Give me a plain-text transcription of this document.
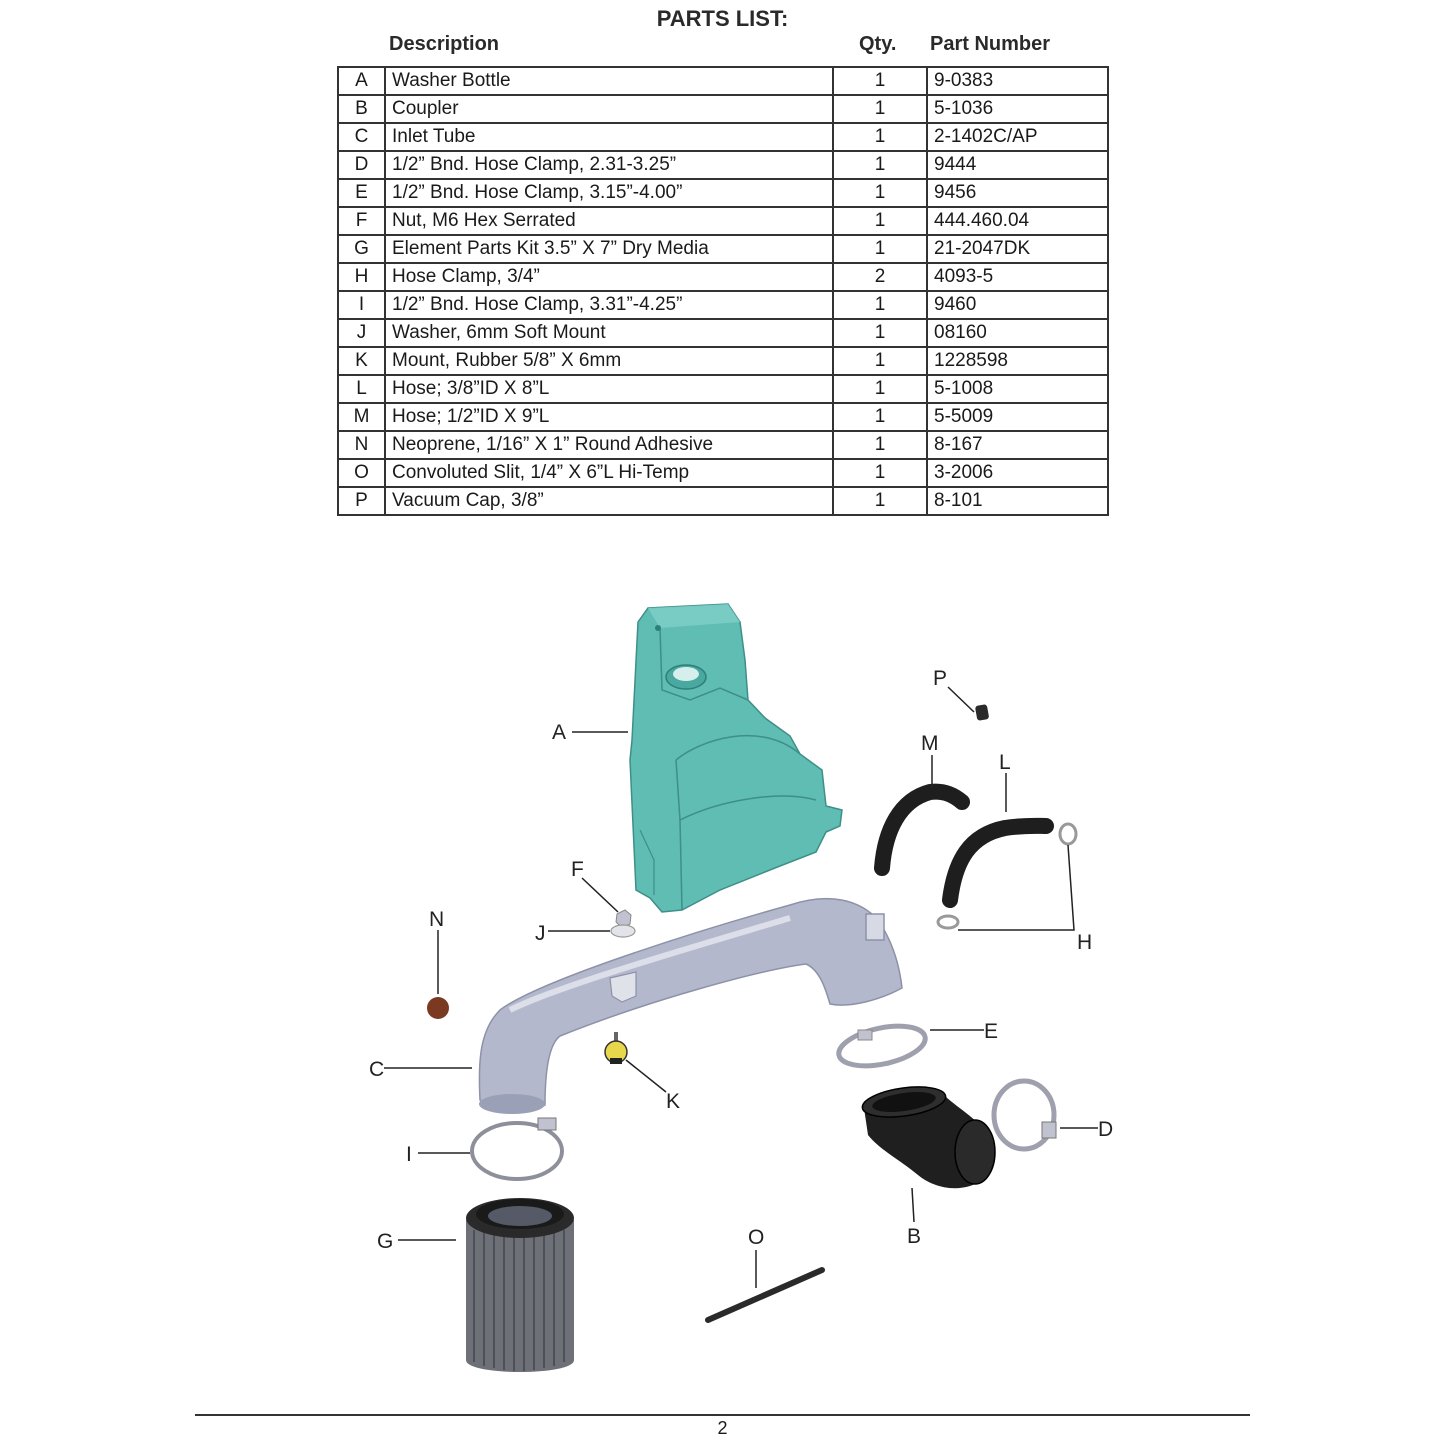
PARTS LIST:
Description	Qty. Part Number
A	Washer Bottle	1	9-0383
B	Coupler	1	5-1036
C	Inlet Tube	1	2-1402C/AP
D	1/2” Bnd. Hose Clamp, 2.31-3.25”	1	9444
E	1/2” Bnd. Hose Clamp, 3.15”-4.00”	1	9456
F	Nut, M6 Hex Serrated	1	444.460.04
G	Element Parts Kit 3.5” X 7” Dry Media	1	21-2047DK
H	Hose Clamp, 3/4”	2	4093-5
I	1/2” Bnd. Hose Clamp, 3.31”-4.25”	1	9460
J	Washer, 6mm Soft Mount	1	08160
K	Mount, Rubber 5/8” X 6mm	1	1228598
L	Hose; 3/8”ID X 8”L	1	5-1008
M	Hose; 1/2”ID X 9”L	1	5-5009
N	Neoprene, 1/16” X 1” Round Adhesive	1	8-167
O	Convoluted Slit, 1/4” X 6”L Hi-Temp	1	3-2006
P	Vacuum Cap, 3/8”	1	8-101
A
P
M
L
H
F
J
N
C
E
K
D
I
B
G	O
2
